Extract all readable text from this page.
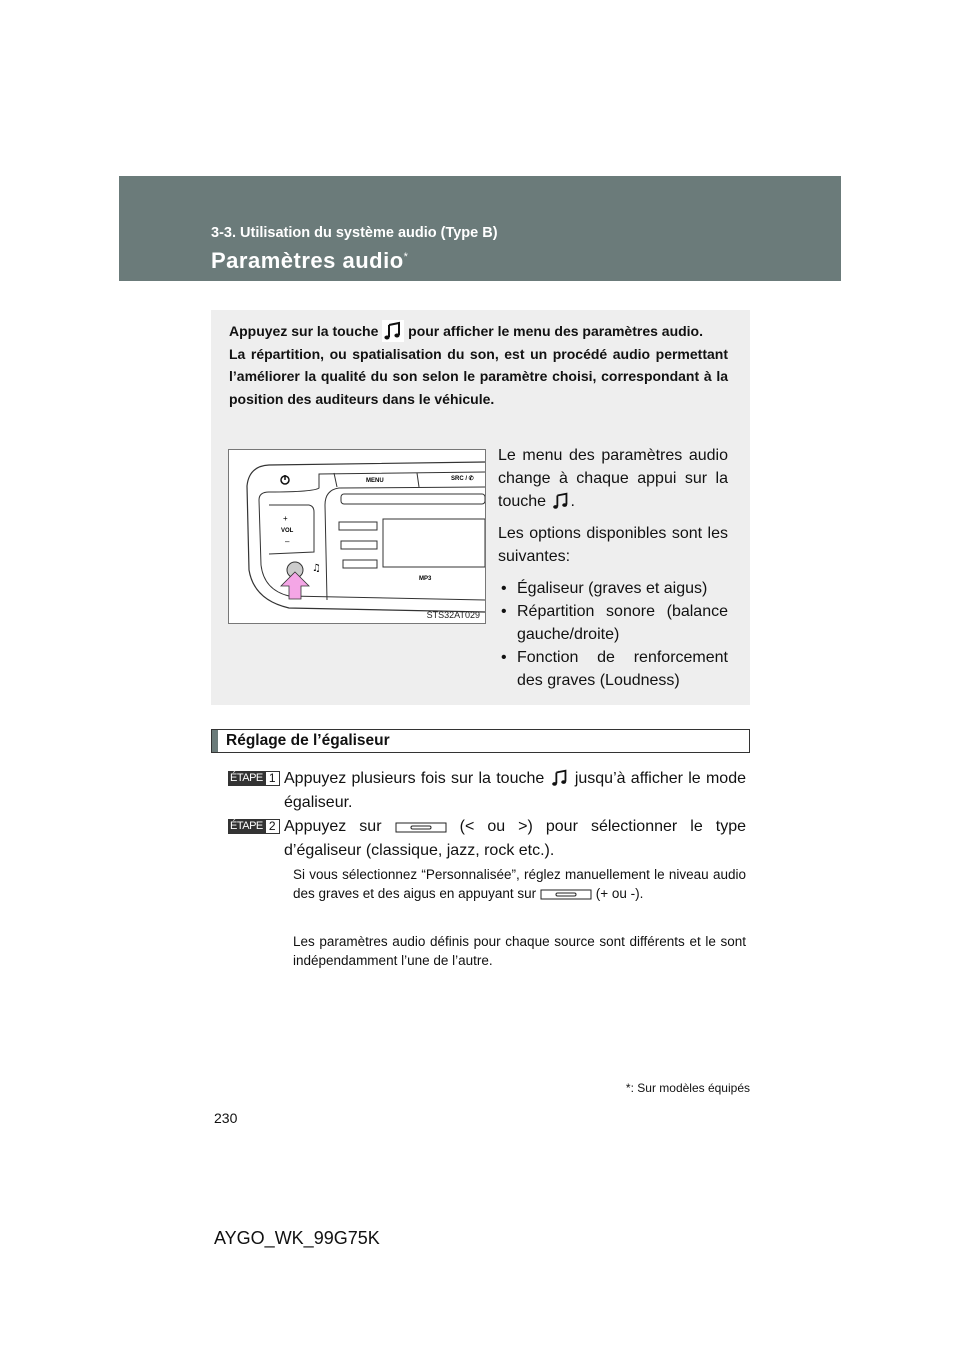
3-3. Utilisation du système audio (Type B)
Paramètres audio*

Appuyez sur la touche pour afficher le menu des paramètres audio.

La répartition, ou spatialisation du son, est un procédé audio permettant l’améliorer la qualité du son selon le paramètre choisi, correspondant à la position des auditeurs dans le véhicule.

♫
MENU	SRC / ✆
+
VOL
–
MP3
STS32AT029

Le menu des paramètres audio change à chaque appui sur la touche .

Les options disponibles sont les suivantes:

• Égaliseur (graves et aigus)
• Répartition sonore (balance gauche/droite)
• Fonction de renforcement des graves (Loudness)
Réglage de l’égaliseur
ÉTAPE 1 Appuyez plusieurs fois sur la touche jusqu’à afficher le mode égaliseur.
ÉTAPE 2 Appuyez sur	(< ou >) pour sélectionner le type d’égaliseur (classique, jazz, rock etc.).
Si vous sélectionnez “Personnalisée”, réglez manuellement le niveau audio des graves et des aigus en appuyant sur	(+ ou -).
Les paramètres audio définis pour chaque source sont différents et le sont indépendamment l’une de l’autre.
*: Sur modèles équipés
230
AYGO_WK_99G75K
